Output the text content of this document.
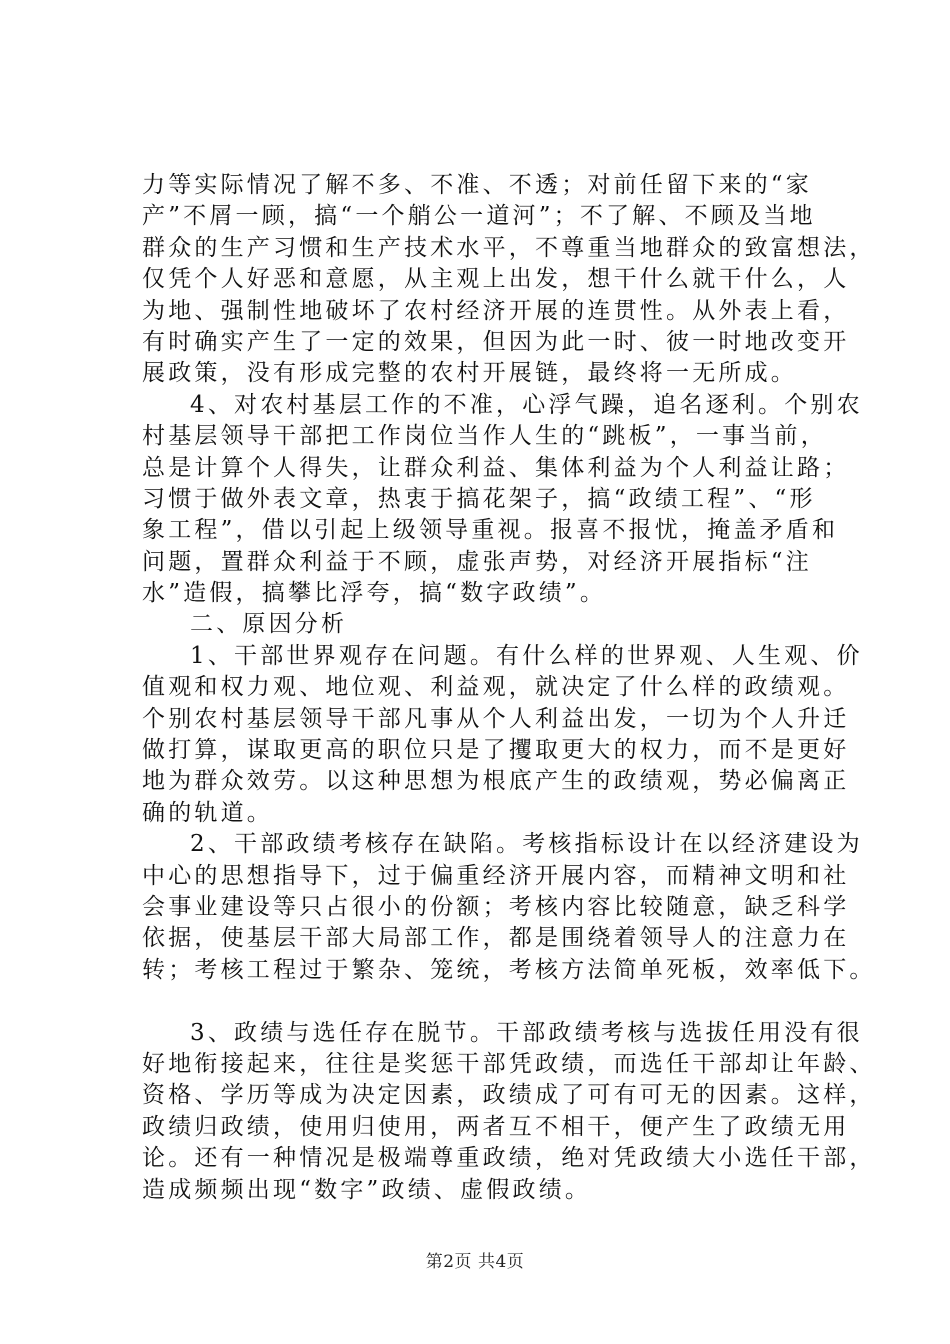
力等实际情况了解不多、不准、不透；对前任留下来的“家
产”不屑一顾，搞“一个艄公一道河”；不了解、不顾及当地
群众的生产习惯和生产技术水平，不尊重当地群众的致富想法，
仅凭个人好恶和意愿，从主观上出发，想干什么就干什么，人
为地、强制性地破坏了农村经济开展的连贯性。从外表上看，
有时确实产生了一定的效果，但因为此一时、彼一时地改变开
展政策，没有形成完整的农村开展链，最终将一无所成。
4、对农村基层工作的不准，心浮气躁，追名逐利。个别农
村基层领导干部把工作岗位当作人生的“跳板”，一事当前，
总是计算个人得失，让群众利益、集体利益为个人利益让路；
习惯于做外表文章，热衷于搞花架子，搞“政绩工程”、“形
象工程”，借以引起上级领导重视。报喜不报忧，掩盖矛盾和
问题，置群众利益于不顾，虚张声势，对经济开展指标“注
水”造假，搞攀比浮夸，搞“数字政绩”。
二、原因分析
1、干部世界观存在问题。有什么样的世界观、人生观、价
值观和权力观、地位观、利益观，就决定了什么样的政绩观。
个别农村基层领导干部凡事从个人利益出发，一切为个人升迁
做打算，谋取更高的职位只是了攫取更大的权力，而不是更好
地为群众效劳。以这种思想为根底产生的政绩观，势必偏离正
确的轨道。
2、干部政绩考核存在缺陷。考核指标设计在以经济建设为
中心的思想指导下，过于偏重经济开展内容，而精神文明和社
会事业建设等只占很小的份额；考核内容比较随意，缺乏科学
依据，使基层干部大局部工作，都是围绕着领导人的注意力在
转；考核工程过于繁杂、笼统，考核方法简单死板，效率低下。
3、政绩与选任存在脱节。干部政绩考核与选拔任用没有很
好地衔接起来，往往是奖惩干部凭政绩，而选任干部却让年龄、
资格、学历等成为决定因素，政绩成了可有可无的因素。这样，
政绩归政绩，使用归使用，两者互不相干，便产生了政绩无用
论。还有一种情况是极端尊重政绩，绝对凭政绩大小选任干部，
造成频频出现“数字”政绩、虚假政绩。
第2页 共4页
